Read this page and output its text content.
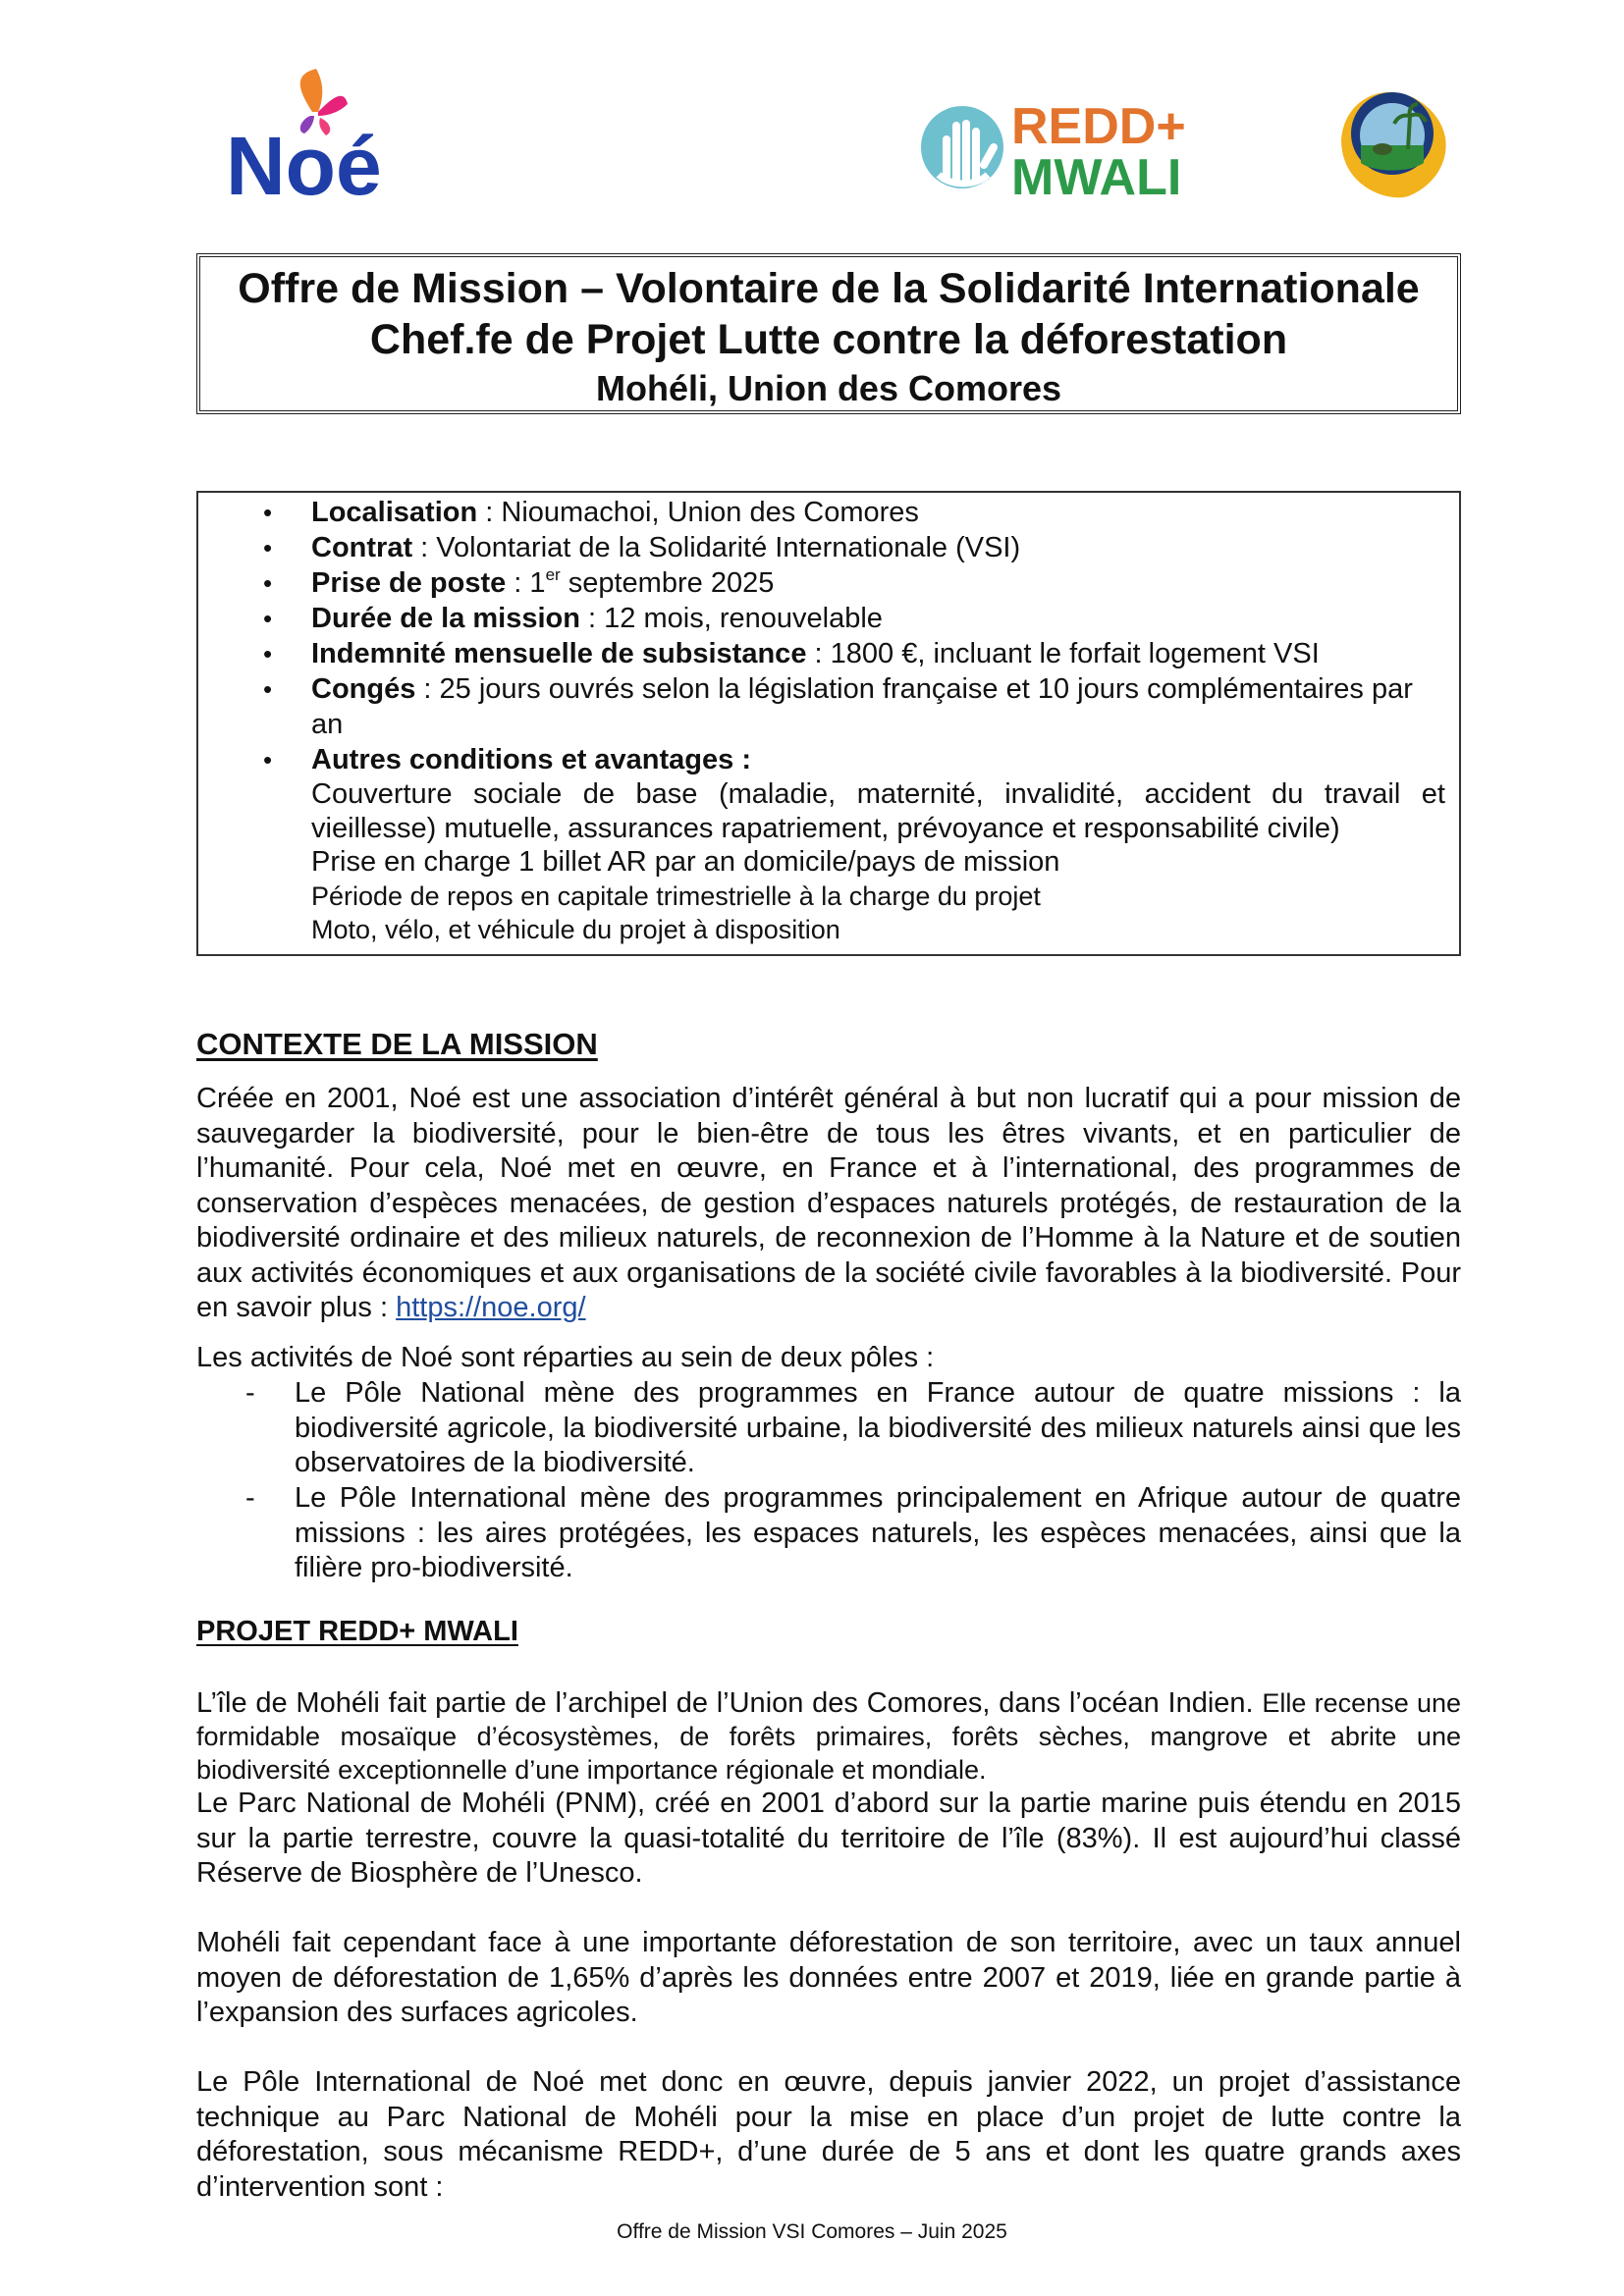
Noé	REDD+
MWALI
Offre de Mission – Volontaire de la Solidarité Internationale
Chef.fe de Projet Lutte contre la déforestation
Mohéli, Union des Comores
• Localisation : Nioumachoi, Union des Comores
• Contrat : Volontariat de la Solidarité Internationale (VSI)
• Prise de poste : 1er septembre 2025
• Durée de la mission : 12 mois, renouvelable
• Indemnité mensuelle de subsistance : 1800 €, incluant le forfait logement VSI
• Congés : 25 jours ouvrés selon la législation française et 10 jours complémentaires par an
• Autres conditions et avantages :
Couverture sociale de base (maladie, maternité, invalidité, accident du travail et vieillesse) mutuelle, assurances rapatriement, prévoyance et responsabilité civile)
Prise en charge 1 billet AR par an domicile/pays de mission
Période de repos en capitale trimestrielle à la charge du projet
Moto, vélo, et véhicule du projet à disposition
CONTEXTE DE LA MISSION

Créée en 2001, Noé est une association d’intérêt général à but non lucratif qui a pour mission de sauvegarder la biodiversité, pour le bien-être de tous les êtres vivants, et en particulier de l’humanité. Pour cela, Noé met en œuvre, en France et à l’international, des programmes de conservation d’espèces menacées, de gestion d’espaces naturels protégés, de restauration de la biodiversité ordinaire et des milieux naturels, de reconnexion de l’Homme à la Nature et de soutien aux activités économiques et aux organisations de la société civile favorables à la biodiversité. Pour en savoir plus : https://noe.org/

Les activités de Noé sont réparties au sein de deux pôles :

- Le Pôle National mène des programmes en France autour de quatre missions : la biodiversité agricole, la biodiversité urbaine, la biodiversité des milieux naturels ainsi que les observatoires de la biodiversité.
- Le Pôle International mène des programmes principalement en Afrique autour de quatre missions : les aires protégées, les espaces naturels, les espèces menacées, ainsi que la filière pro-biodiversité.
PROJET REDD+ MWALI

L’île de Mohéli fait partie de l’archipel de l’Union des Comores, dans l’océan Indien. Elle recense une formidable mosaïque d’écosystèmes, de forêts primaires, forêts sèches, mangrove et abrite une biodiversité exceptionnelle d’une importance régionale et mondiale.

Le Parc National de Mohéli (PNM), créé en 2001 d’abord sur la partie marine puis étendu en 2015 sur la partie terrestre, couvre la quasi-totalité du territoire de l’île (83%). Il est aujourd’hui classé Réserve de Biosphère de l’Unesco.

Mohéli fait cependant face à une importante déforestation de son territoire, avec un taux annuel moyen de déforestation de 1,65% d’après les données entre 2007 et 2019, liée en grande partie à l’expansion des surfaces agricoles.

Le Pôle International de Noé met donc en œuvre, depuis janvier 2022, un projet d’assistance technique au Parc National de Mohéli pour la mise en place d’un projet de lutte contre la déforestation, sous mécanisme REDD+, d’une durée de 5 ans et dont les quatre grands axes d’intervention sont :

Offre de Mission VSI Comores – Juin 2025
